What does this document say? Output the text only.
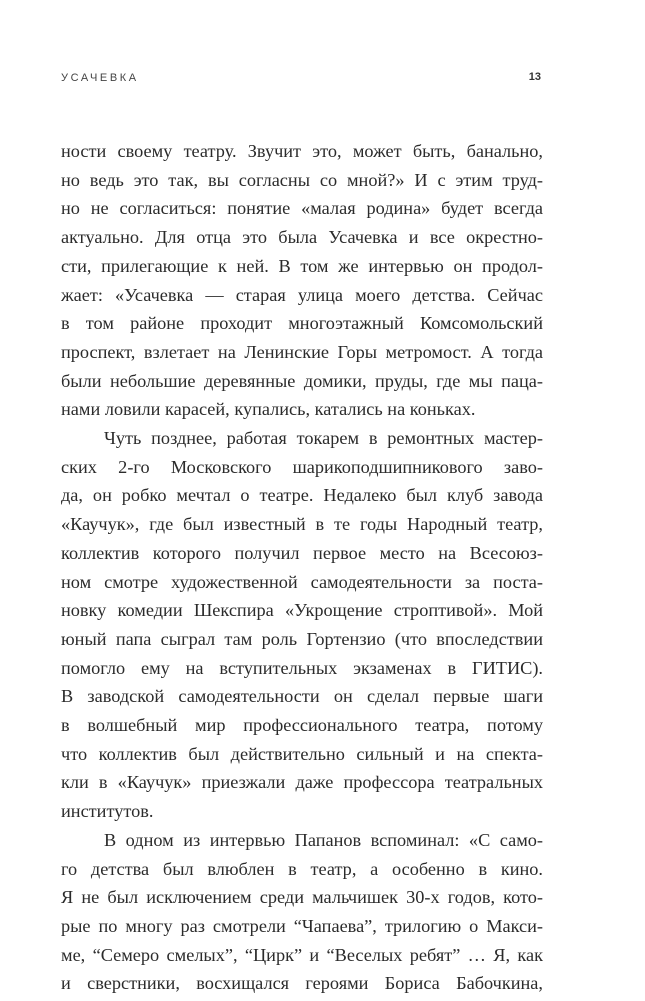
УСАЧЕВКА	13
ности своему театру. Звучит это, может быть, банально,
но ведь это так, вы согласны со мной?» И с этим труд-
но не согласиться: понятие «малая родина» будет всегда
актуально. Для отца это была Усачевка и все окрестно-
сти, прилегающие к ней. В том же интервью он продол-
жает: «Усачевка — старая улица моего детства. Сейчас
в том районе проходит многоэтажный Комсомольский
проспект, взлетает на Ленинские Горы метромост. А тогда
были небольшие деревянные домики, пруды, где мы паца-
нами ловили карасей, купались, катались на коньках.
Чуть позднее, работая токарем в ремонтных мастер-
ских 2-го Московского шарикоподшипникового заво-
да, он робко мечтал о театре. Недалеко был клуб завода
«Каучук», где был известный в те годы Народный театр,
коллектив которого получил первое место на Всесоюз-
ном смотре художественной самодеятельности за поста-
новку комедии Шекспира «Укрощение строптивой». Мой
юный папа сыграл там роль Гортензио (что впоследствии
помогло ему на вступительных экзаменах в ГИТИС).
В заводской самодеятельности он сделал первые шаги
в волшебный мир профессионального театра, потому
что коллектив был действительно сильный и на спекта-
кли в «Каучук» приезжали даже профессора театральных
институтов.
В одном из интервью Папанов вспоминал: «С само-
го детства был влюблен в театр, а особенно в кино.
Я не был исключением среди мальчишек 30-х годов, кото-
рые по многу раз смотрели “Чапаева”, трилогию о Макси-
ме, “Семеро смелых”, “Цирк” и “Веселых ребят” … Я, как
и сверстники, восхищался героями Бориса Бабочкина,
